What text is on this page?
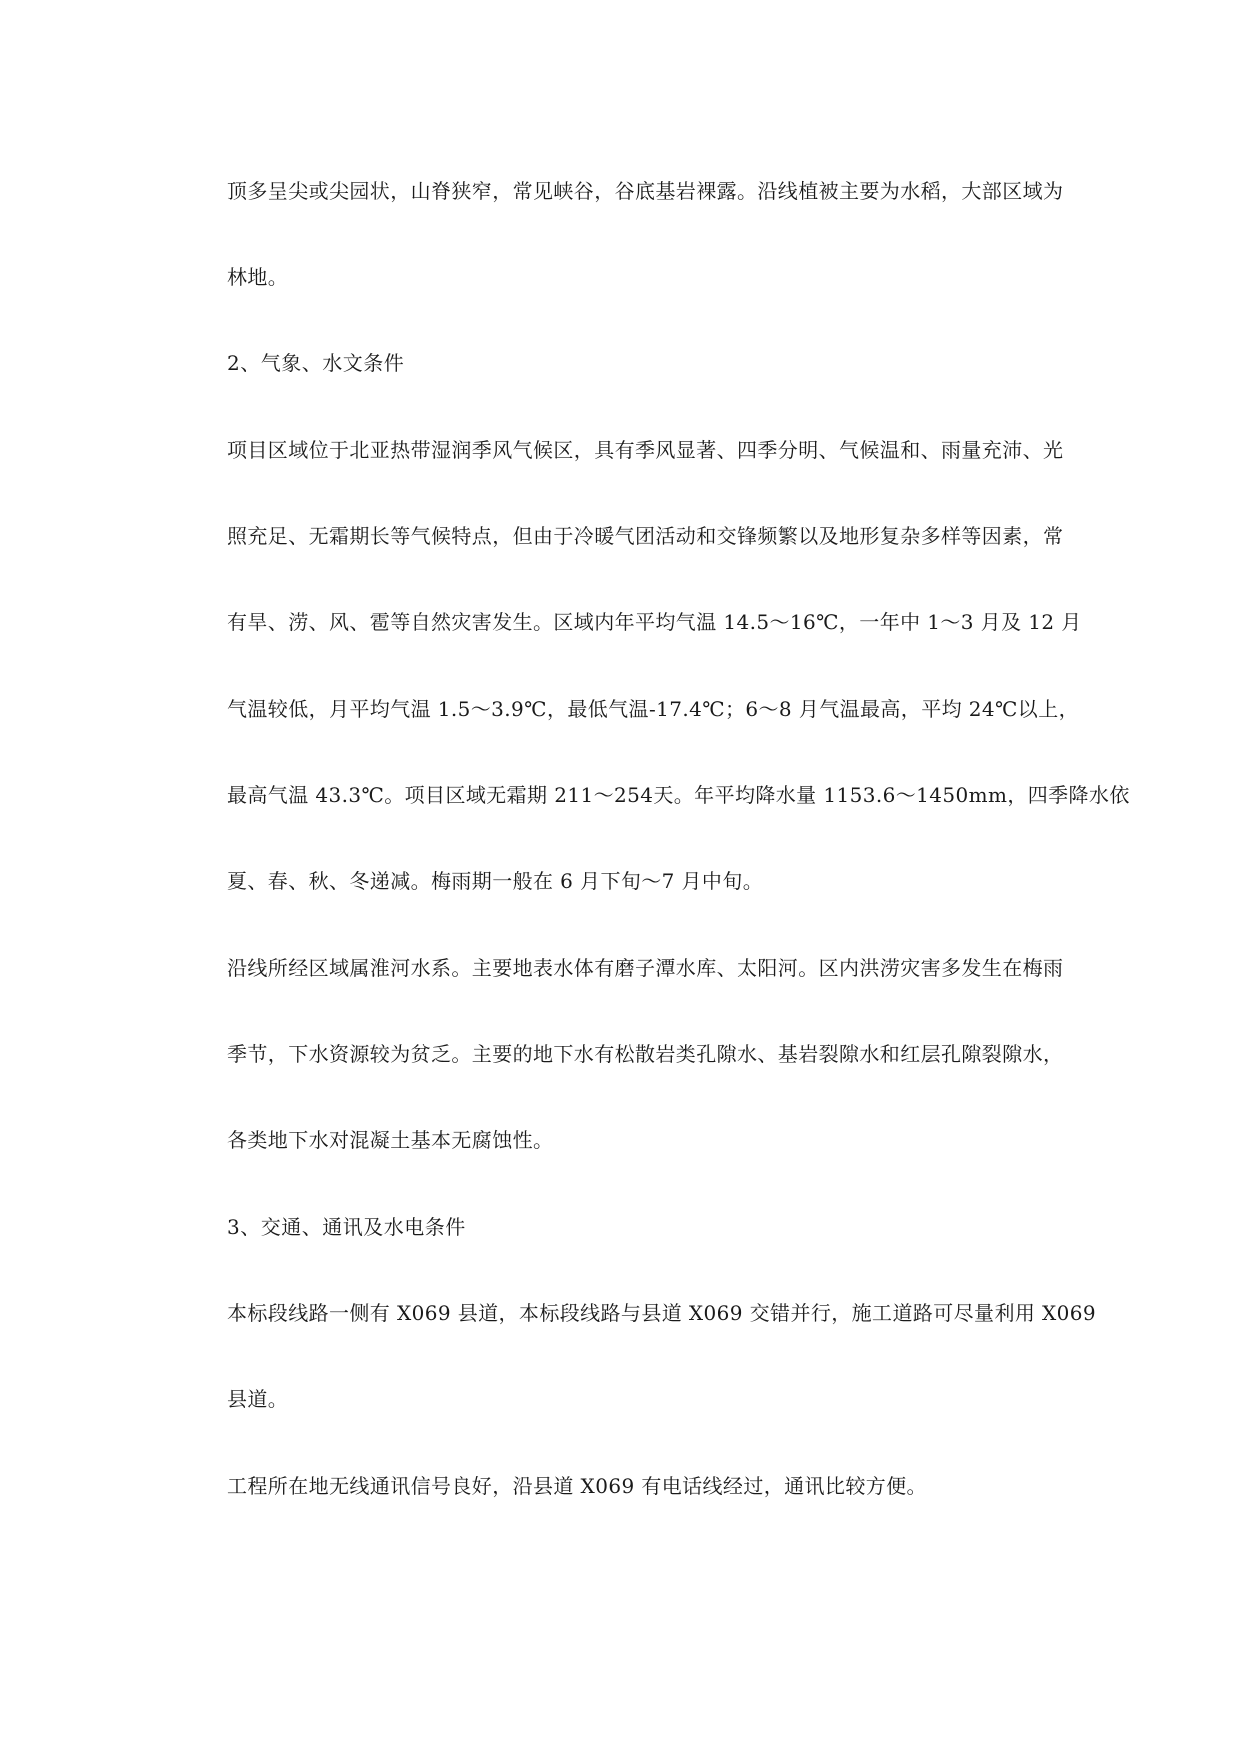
顶多呈尖或尖园状，山脊狭窄，常见峡谷，谷底基岩裸露。沿线植被主要为水稻，大部区域为
林地。
2、气象、水文条件
项目区域位于北亚热带湿润季风气候区，具有季风显著、四季分明、气候温和、雨量充沛、光
照充足、无霜期长等气候特点，但由于冷暖气团活动和交锋频繁以及地形复杂多样等因素，常
有旱、涝、风、雹等自然灾害发生。区域内年平均气温 14.5～16℃，一年中 1～3 月及 12 月
气温较低，月平均气温 1.5～3.9℃，最低气温-17.4℃；6～8 月气温最高，平均 24℃以上，
最高气温 43.3℃。项目区域无霜期 211～254天。年平均降水量 1153.6～1450mm，四季降水依
夏、春、秋、冬递减。梅雨期一般在 6 月下旬～7 月中旬。
沿线所经区域属淮河水系。主要地表水体有磨子潭水库、太阳河。区内洪涝灾害多发生在梅雨
季节，下水资源较为贫乏。主要的地下水有松散岩类孔隙水、基岩裂隙水和红层孔隙裂隙水，
各类地下水对混凝土基本无腐蚀性。
3、交通、通讯及水电条件
本标段线路一侧有 X069 县道，本标段线路与县道 X069 交错并行，施工道路可尽量利用 X069
县道。
工程所在地无线通讯信号良好，沿县道 X069 有电话线经过，通讯比较方便。
